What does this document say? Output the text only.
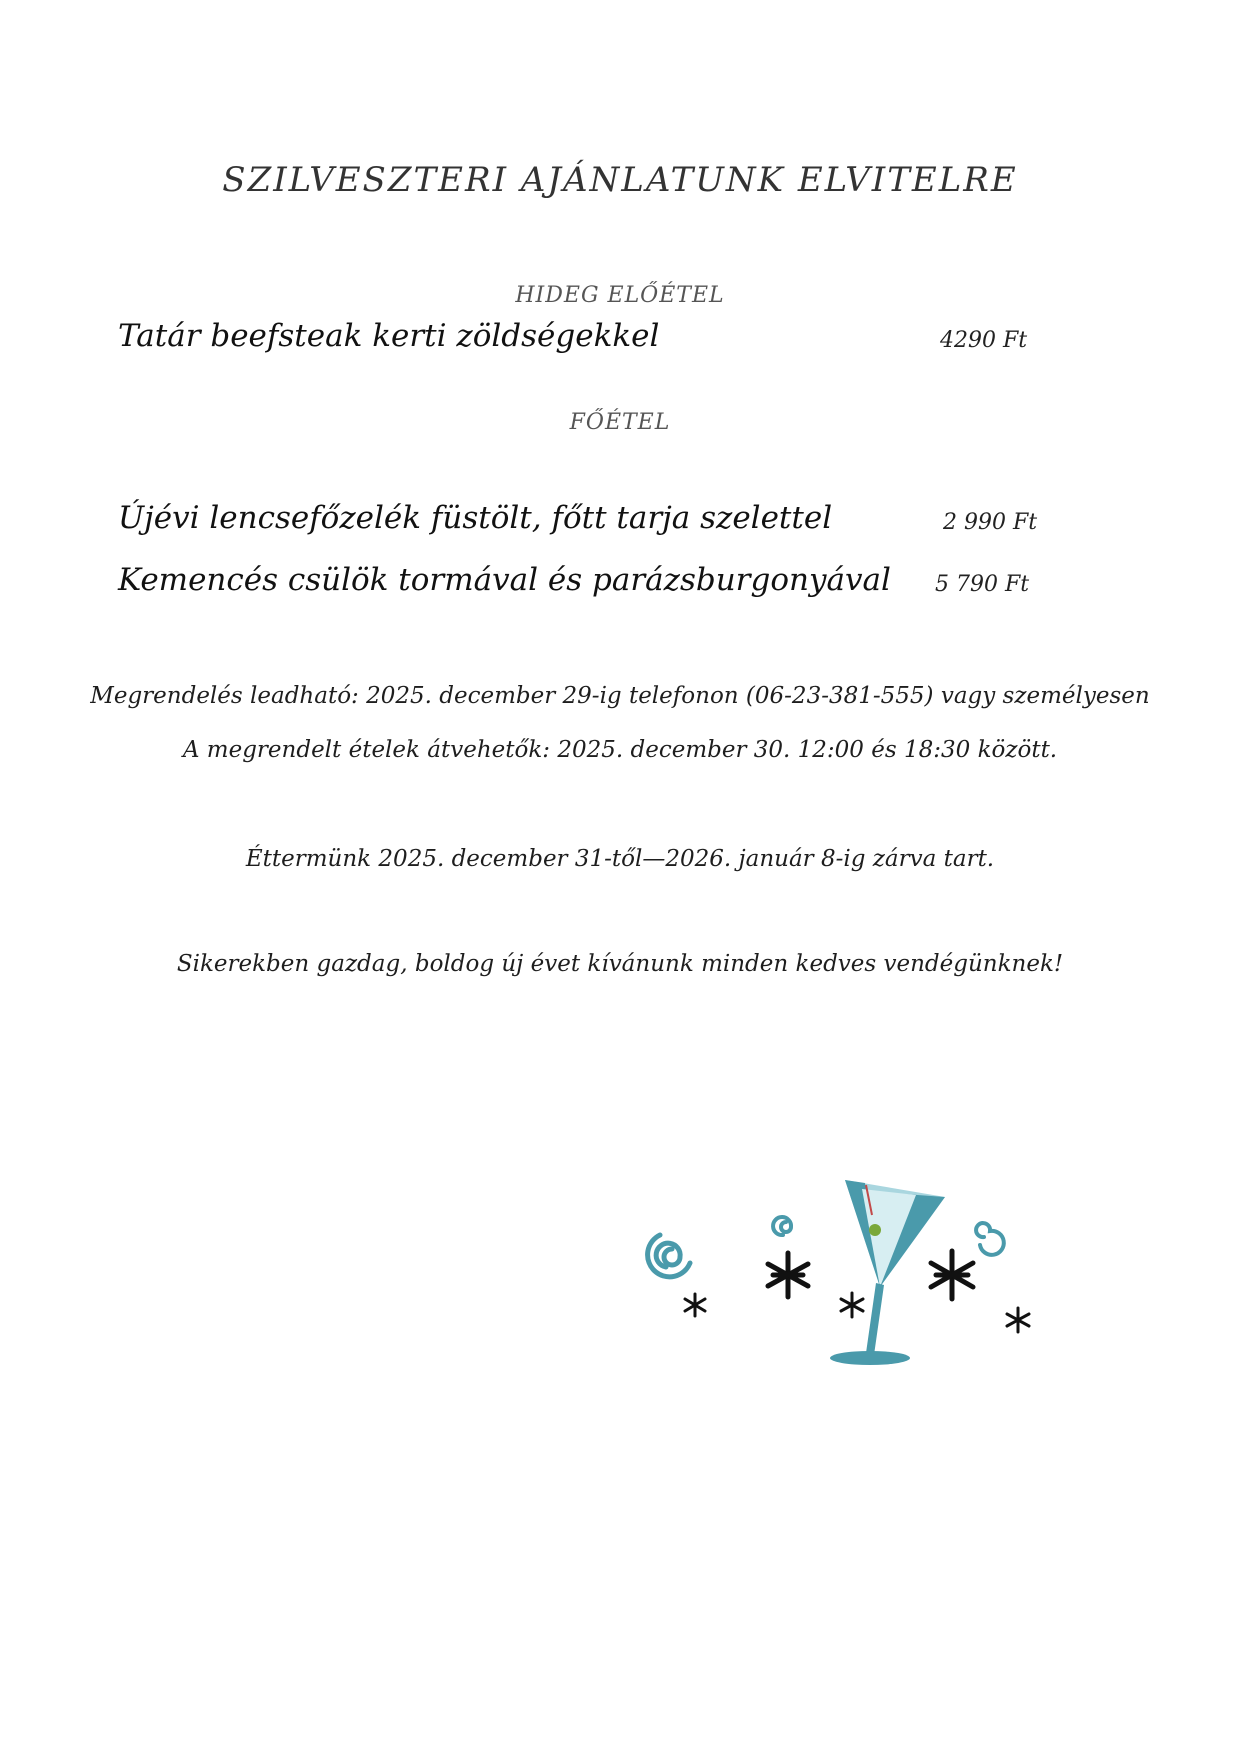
SZILVESZTERI AJÁNLATUNK ELVITELRE
HIDEG ELŐÉTEL
Tatár beefsteak kerti zöldségekkel	4290 Ft
FŐÉTEL
Újévi lencsefőzelék füstölt, főtt tarja szelettel	2 990 Ft
Kemencés csülök tormával és parázsburgonyával 5 790 Ft
Megrendelés leadható: 2025. december 29-ig telefonon (06-23-381-555) vagy személyesen
A megrendelt ételek átvehetők: 2025. december 30. 12:00 és 18:30 között.
Éttermünk 2025. december 31-től—2026. január 8-ig zárva tart.
Sikerekben gazdag, boldog új évet kívánunk minden kedves vendégünknek!
